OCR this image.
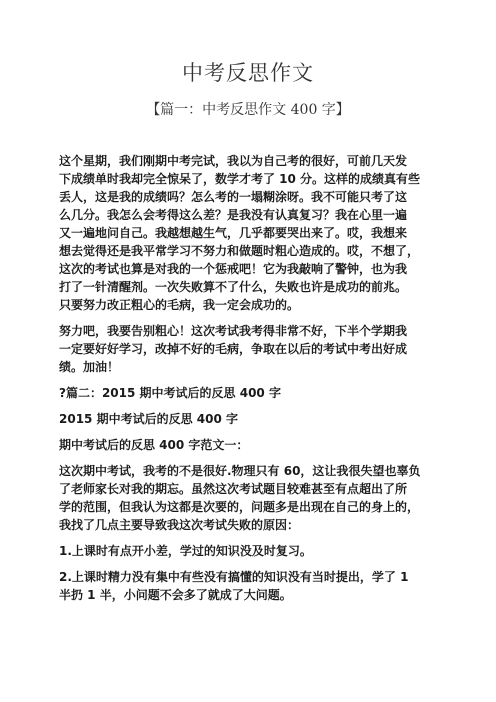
中考反思作文
【篇一：中考反思作文 400 字】

这个星期，我们刚期中考完试，我以为自己考的很好，可前几天发
下成绩单时我却完全惊呆了，数学才考了 10 分。这样的成绩真有些
丢人，这是我的成绩吗？怎么考的一塌糊涂呀。我不可能只考了这
么几分。我怎么会考得这么差？是我没有认真复习？我在心里一遍
又一遍地问自己。我越想越生气，几乎都要哭出来了。哎，我想来
想去觉得还是我平常学习不努力和做题时粗心造成的。哎，不想了，
这次的考试也算是对我的一个惩戒吧！它为我敲响了警钟，也为我
打了一针清醒剂。一次失败算不了什么，失败也许是成功的前兆。
只要努力改正粗心的毛病，我一定会成功的。

努力吧，我要告别粗心！这次考试我考得非常不好，下半个学期我
一定要好好学习，改掉不好的毛病，争取在以后的考试中考出好成
绩。加油！

?篇二：2015 期中考试后的反思 400 字

2015 期中考试后的反思 400 字

期中考试后的反思 400 字范文一：

这次期中考试，我考的不是很好.物理只有 60，这让我很失望也辜负
了老师家长对我的期忘。虽然这次考试题目较难甚至有点超出了所
学的范围，但我认为这都是次要的，问题多是出现在自己的身上的，
我找了几点主要导致我这次考试失败的原因：

1.上课时有点开小差，学过的知识没及时复习。

2.上课时精力没有集中有些没有搞懂的知识没有当时提出，学了 1
半扔 1 半，小问题不会多了就成了大问题。
